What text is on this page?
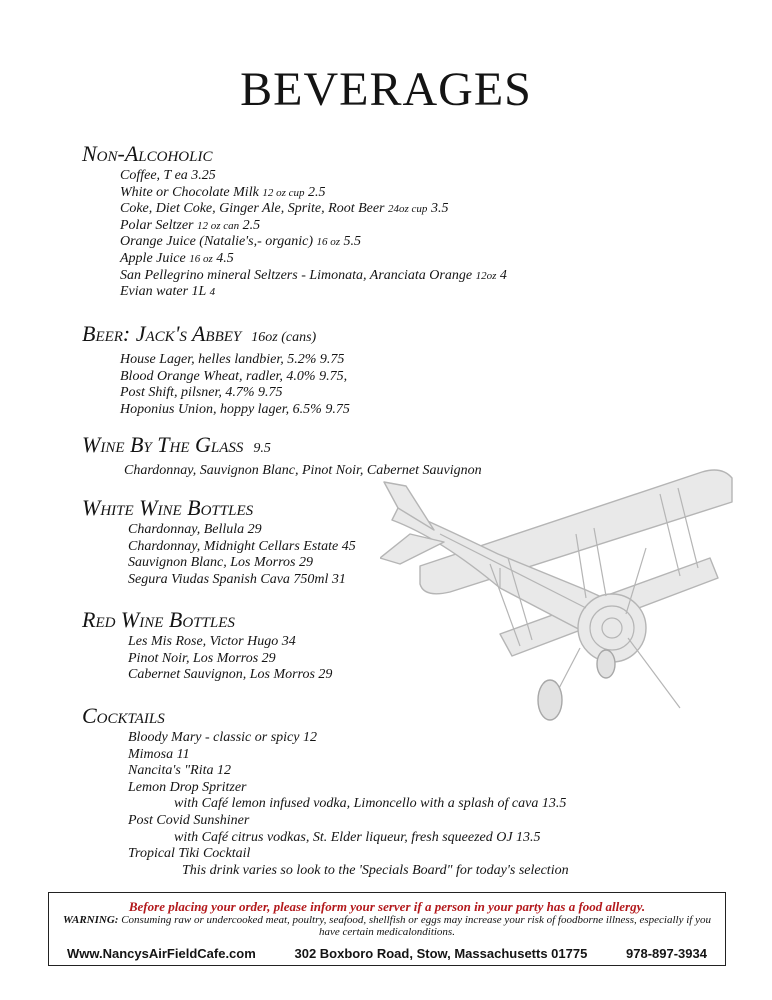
BEVERAGES
Non-Alcoholic
Coffee, T ea 3.25
White or Chocolate Milk 12 oz cup 2.5
Coke, Diet Coke, Ginger Ale, Sprite, Root Beer 24oz cup 3.5
Polar Seltzer 12 oz can 2.5
Orange Juice (Natalie's,- organic) 16 oz 5.5
Apple Juice 16 oz 4.5
San Pellegrino mineral Seltzers - Limonata, Aranciata Orange 12oz 4
Evian water 1L 4
Beer: Jack's Abbey 16oz (cans)
House Lager, helles landbier, 5.2% 9.75
Blood Orange Wheat, radler, 4.0% 9.75,
Post Shift, pilsner, 4.7% 9.75
Hoponius Union, hoppy lager, 6.5% 9.75
Wine By The Glass 9.5
Chardonnay, Sauvignon Blanc, Pinot Noir, Cabernet Sauvignon
White Wine Bottles
Chardonnay, Bellula 29
Chardonnay, Midnight Cellars Estate 45
Sauvignon Blanc, Los Morros 29
Segura Viudas Spanish Cava 750ml 31
Red Wine Bottles
Les Mis Rose, Victor Hugo 34
Pinot Noir, Los Morros 29
Cabernet Sauvignon, Los Morros 29
Cocktails
Bloody Mary - classic or spicy 12
Mimosa 11
Nancita's "Rita 12
Lemon Drop Spritzer
with Café lemon infused vodka, Limoncello with a splash of cava 13.5
Post Covid Sunshiner
with Café citrus vodkas, St. Elder liqueur, fresh squeezed OJ 13.5
Tropical Tiki Cocktail
This drink varies so look to the 'Specials Board" for today's selection
Before placing your order, please inform your server if a person in your party has a food allergy.
WARNING: Consuming raw or undercooked meat, poultry, seafood, shellfish or eggs may increase your risk of foodborne illness, especially if you have certain medicalonditions.
Www.NancysAirFieldCafe.com	302 Boxboro Road, Stow, Massachusetts 01775	978-897-3934
